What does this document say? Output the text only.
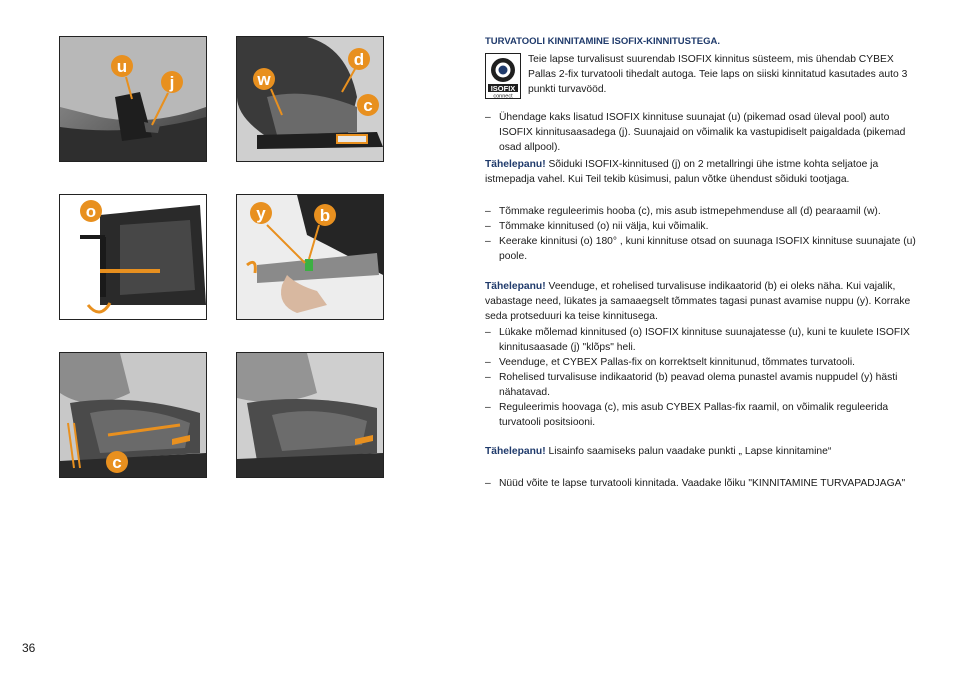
u
j
d
w
c
o	y	b
c
TURVATOOLI KINNITAMINE ISOFIX-KINNITUSTEGA.
ISOFIX
connect
Teie lapse turvalisust suurendab ISOFIX kinnitus süsteem, mis ühendab CYBEX Pallas 2-fix turvatooli tihedalt autoga. Teie laps on siiski kinnitatud kasutades auto 3 punkti turvavööd.
– Ühendage kaks lisatud ISOFIX kinnituse suunajat (u) (pikemad osad üleval pool) auto ISOFIX kinnitusaasadega (j). Suunajaid on võimalik ka vastupidiselt paigaldada (pikemad osad allpool).

Tähelepanu! Sõiduki ISOFIX-kinnitused (j) on 2 metallringi ühe istme kohta seljatoe ja istmepadja vahel. Kui Teil tekib küsimusi, palun võtke ühendust sõiduki tootjaga.

– Tõmmake reguleerimis hooba (c), mis asub istmepehmenduse all (d) pearaamil (w).
– Tõmmake kinnitused (o) nii välja, kui võimalik.
– Keerake kinnitusi (o) 180° , kuni kinnituse otsad on suunaga ISOFIX kinnituse suunajate (u) poole.

Tähelepanu! Veenduge, et rohelised turvalisuse indikaatorid (b) ei oleks näha. Kui vajalik, vabastage need, lükates ja samaaegselt tõmmates tagasi punast avamise nuppu (y). Korrake seda protseduuri ka teise kinnitusega.

– Lükake mõlemad kinnitused (o) ISOFIX kinnituse suunajatesse (u), kuni te kuulete ISOFIX kinnitusaasade (j) "klõps" heli.
– Veenduge, et CYBEX Pallas-fix on korrektselt kinnitunud, tõmmates turvatooli.
– Rohelised turvalisuse indikaatorid (b) peavad olema punastel avamis nuppudel (y) hästi nähatavad.
– Reguleerimis hoovaga (c), mis asub CYBEX Pallas-fix raamil, on võimalik reguleerida turvatooli positsiooni.

Tähelepanu! Lisainfo saamiseks palun vaadake punkti „ Lapse kinnitamine“

– Nüüd võite te lapse turvatooli kinnitada. Vaadake lõiku "KINNITAMINE TURVAPADJAGA"
36
